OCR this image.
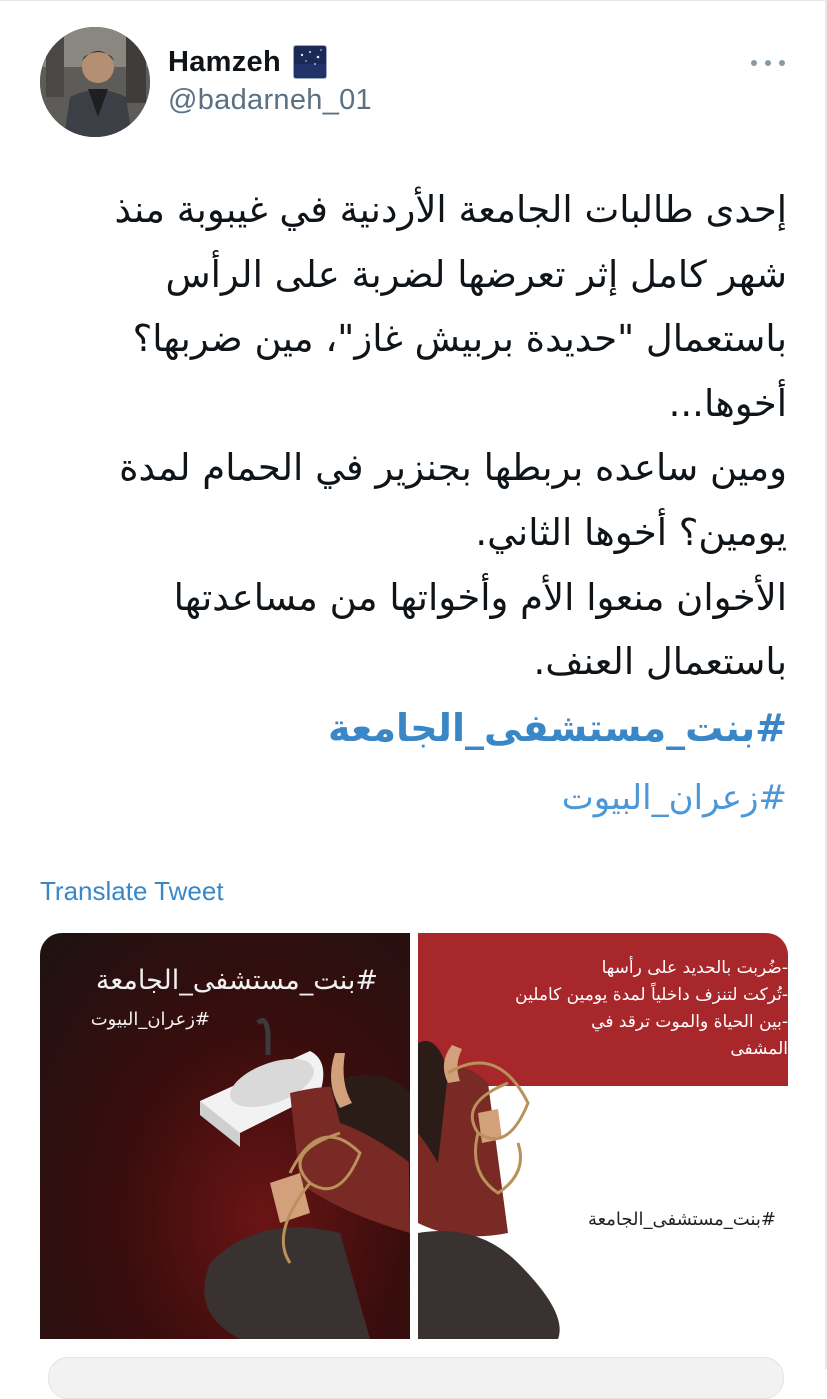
Hamzeh
@badarneh_01
إحدى طالبات الجامعة الأردنية في غيبوبة منذ
شهر كامل إثر تعرضها لضربة على الرأس
باستعمال "حديدة بربيش غاز"، مين ضربها؟
أخوها...
ومين ساعده بربطها بجنزير في الحمام لمدة
يومين؟ أخوها الثاني.
الأخوان منعوا الأم وأخواتها من مساعدتها
باستعمال العنف.
#بنت_مستشفى_الجامعة
#زعران_البيوت
Translate Tweet
#بنت_مستشفى_الجامعة
#زعران_البيوت
-ضُربت بالحديد على رأسها
-تُركت لتنزف داخلياً لمدة يومين كاملين
-بين الحياة والموت ترقد في
المشفى
#بنت_مستشفى_الجامعة
